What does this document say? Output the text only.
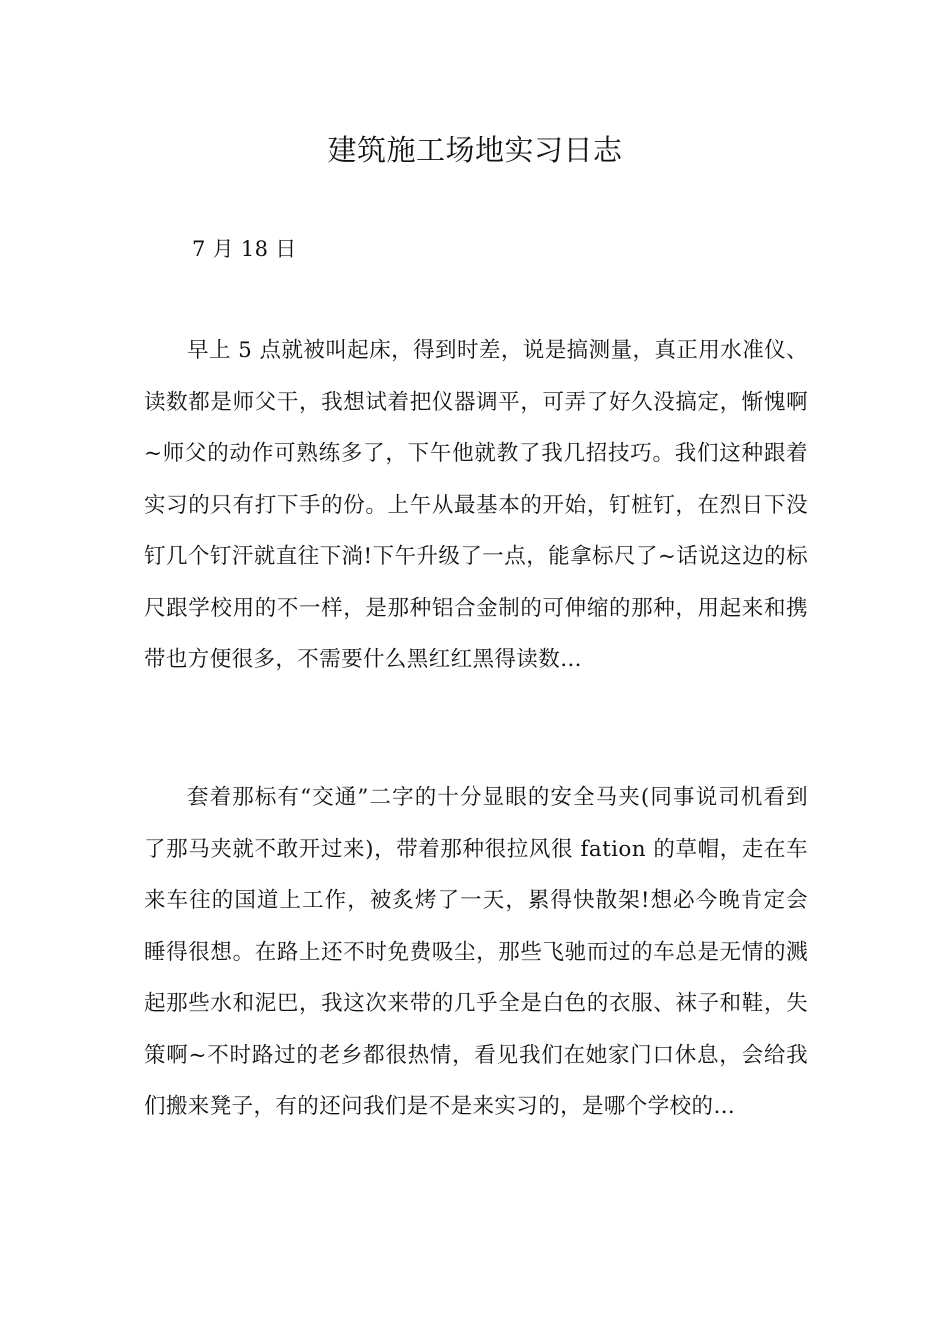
建筑施工场地实习日志
7 月 18 日

早上 5 点就被叫起床，得到时差，说是搞测量，真正用水准仪、读数都是师父干，我想试着把仪器调平，可弄了好久没搞定，惭愧啊~师父的动作可熟练多了，下午他就教了我几招技巧。我们这种跟着实习的只有打下手的份。上午从最基本的开始，钉桩钉，在烈日下没钉几个钉汗就直往下淌!下午升级了一点，能拿标尺了~话说这边的标尺跟学校用的不一样，是那种铝合金制的可伸缩的那种，用起来和携带也方便很多，不需要什么黑红红黑得读数…

套着那标有“交通”二字的十分显眼的安全马夹(同事说司机看到了那马夹就不敢开过来)，带着那种很拉风很 fation 的草帽，走在车来车往的国道上工作，被炙烤了一天，累得快散架!想必今晚肯定会睡得很想。在路上还不时免费吸尘，那些飞驰而过的车总是无情的溅起那些水和泥巴，我这次来带的几乎全是白色的衣服、袜子和鞋，失策啊~不时路过的老乡都很热情，看见我们在她家门口休息，会给我们搬来凳子，有的还问我们是不是来实习的，是哪个学校的…
